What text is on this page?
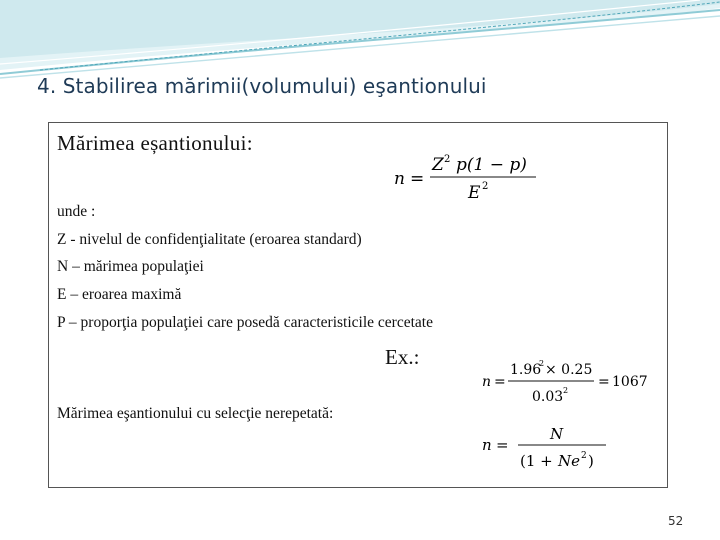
4. Stabilirea mărimii(volumului) eşantionului
Mărimea eșantionului:
n =
Z 2 p(1 − p)
E 2
unde :
Z - nivelul de confidenţialitate (eroarea standard)
N – mărimea populaţiei
E – eroarea maximă
P – proporţia populaţiei care posedă caracteristicile cercetate
Ex.:
n =
1.96
2 × 0.25
0.03 2
= 1067
Mărimea eşantionului cu selecţie nerepetată:
n =
N
(1 + Ne 2 )
52
